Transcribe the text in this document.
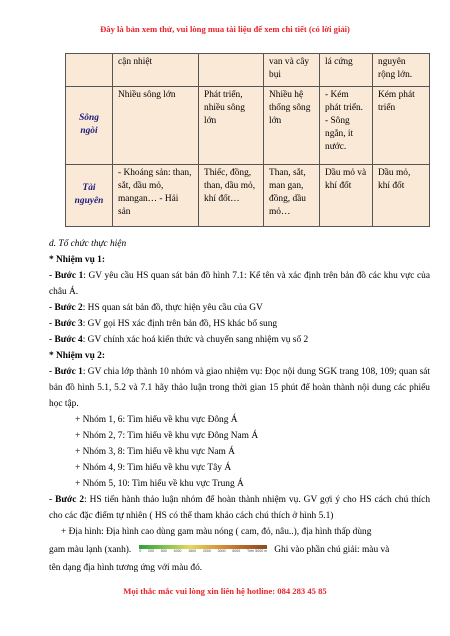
Đây là bản xem thử, vui lòng mua tài liệu để xem chi tiết (có lời giải)
	cận nhiệt		van và cây bụi	lá cứng	nguyên rộng lớn.
Sông ngòi	Nhiều sông lớn	Phát triển, nhiều sông lớn	Nhiều hệ thống sông lớn	- Kém phát triển. - Sông ngắn, ít nước.	Kém phát triển
Tài nguyên	- Khoáng sản: than, sắt, dầu mỏ, mangan… - Hải sản	Thiếc, đồng, than, dầu mỏ, khí đốt…	Than, sắt, man gan, đồng, dầu mỏ…	Dầu mỏ và khí đốt	Dầu mỏ, khí đốt

d. Tổ chức thực hiện

* Nhiệm vụ 1:

- Bước 1: GV yêu cầu HS quan sát bản đồ hình 7.1: Kể tên và xác định trên bản đồ các khu vực của châu Á.

- Bước 2: HS quan sát bản đồ, thực hiện yêu cầu của GV

- Bước 3: GV gọi HS xác định trên bản đồ, HS khác bổ sung

- Bước 4: GV chính xác hoá kiến thức và chuyển sang nhiệm vụ số 2

* Nhiệm vụ 2:

- Bước 1: GV chia lớp thành 10 nhóm và giao nhiệm vụ: Đọc nội dung SGK trang 108, 109; quan sát bản đồ hình 5.1, 5.2 và 7.1 hãy thảo luận trong thời gian 15 phút để hoàn thành nội dung các phiếu học tập.

+ Nhóm 1, 6: Tìm hiểu về khu vực Đông Á

+ Nhóm 2, 7: Tìm hiểu về khu vực Đông Nam Á

+ Nhóm 3, 8: Tìm hiểu về khu vực Nam Á

+ Nhóm 4, 9: Tìm hiểu về khu vực Tây Á

+ Nhóm 5, 10: Tìm hiểu về khu vực Trung Á

- Bước 2: HS tiến hành thảo luận nhóm để hoàn thành nhiệm vụ. GV gợi ý cho HS cách chú thích cho các đặc điểm tự nhiên ( HS có thể tham khảo cách chú thích ở hình 5.1)

+ Địa hình: Địa hình cao dùng gam màu nóng ( cam, đỏ, nâu..), địa hình thấp dùng

gam màu lạnh (xanh). 0 200 500 1000 1500 2000 3000 5000 Trên 5000 m Ghi vào phần chú giải: màu và

tên dạng địa hình tương ứng với màu đó.

Mọi thắc mắc vui lòng xin liên hệ hotline: 084 283 45 85
